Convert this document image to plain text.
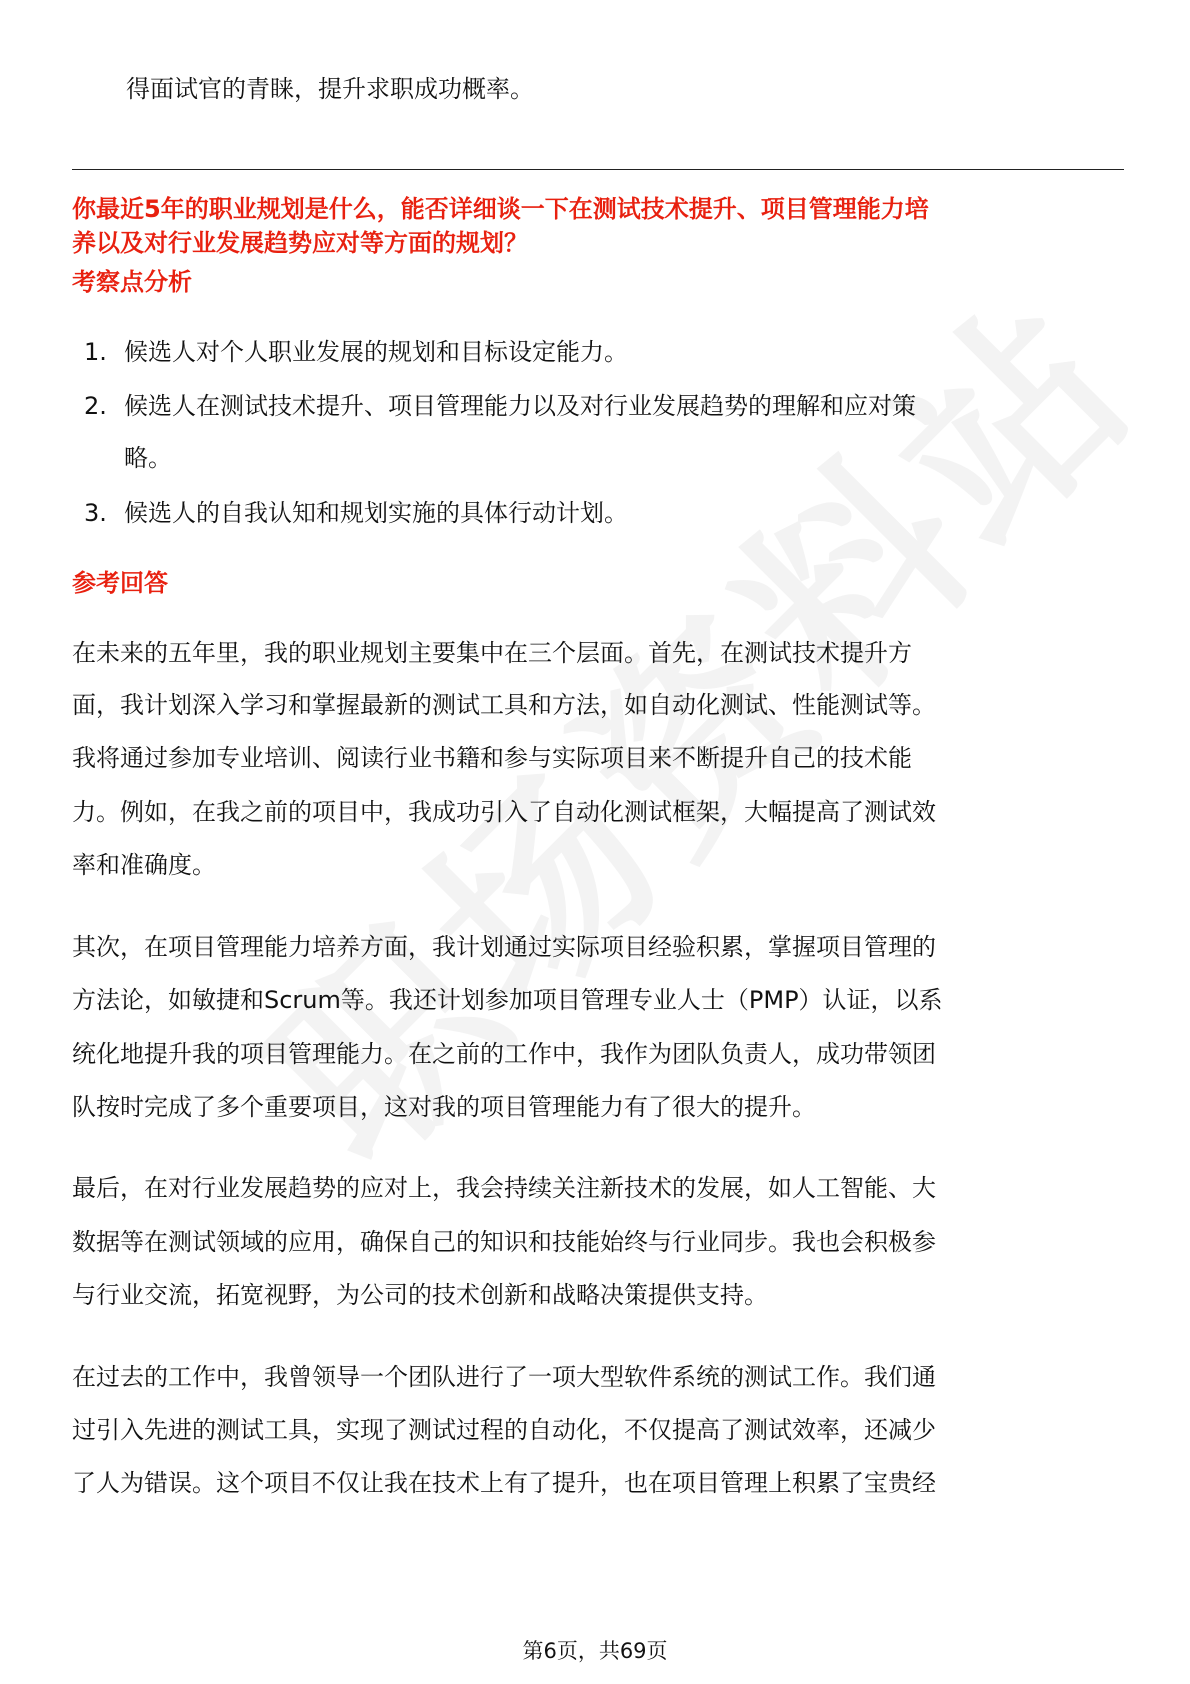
得面试官的青睐，提升求职成功概率。
你最近5年的职业规划是什么，能否详细谈一下在测试技术提升、项目管理能力培
养以及对行业发展趋势应对等方面的规划？
考察点分析
1. 候选人对个人职业发展的规划和目标设定能力。
2. 候选人在测试技术提升、项目管理能力以及对行业发展趋势的理解和应对策
略。
3. 候选人的自我认知和规划实施的具体行动计划。
参考回答
在未来的五年里，我的职业规划主要集中在三个层面。首先，在测试技术提升方
面，我计划深入学习和掌握最新的测试工具和方法，如自动化测试、性能测试等。
我将通过参加专业培训、阅读行业书籍和参与实际项目来不断提升自己的技术能
力。例如，在我之前的项目中，我成功引入了自动化测试框架，大幅提高了测试效
率和准确度。
其次，在项目管理能力培养方面，我计划通过实际项目经验积累，掌握项目管理的
方法论，如敏捷和Scrum等。我还计划参加项目管理专业人士（PMP）认证，以系
统化地提升我的项目管理能力。在之前的工作中，我作为团队负责人，成功带领团
队按时完成了多个重要项目，这对我的项目管理能力有了很大的提升。
最后，在对行业发展趋势的应对上，我会持续关注新技术的发展，如人工智能、大
数据等在测试领域的应用，确保自己的知识和技能始终与行业同步。我也会积极参
与行业交流，拓宽视野，为公司的技术创新和战略决策提供支持。
在过去的工作中，我曾领导一个团队进行了一项大型软件系统的测试工作。我们通
过引入先进的测试工具，实现了测试过程的自动化，不仅提高了测试效率，还减少
了人为错误。这个项目不仅让我在技术上有了提升，也在项目管理上积累了宝贵经
第6页，共69页
